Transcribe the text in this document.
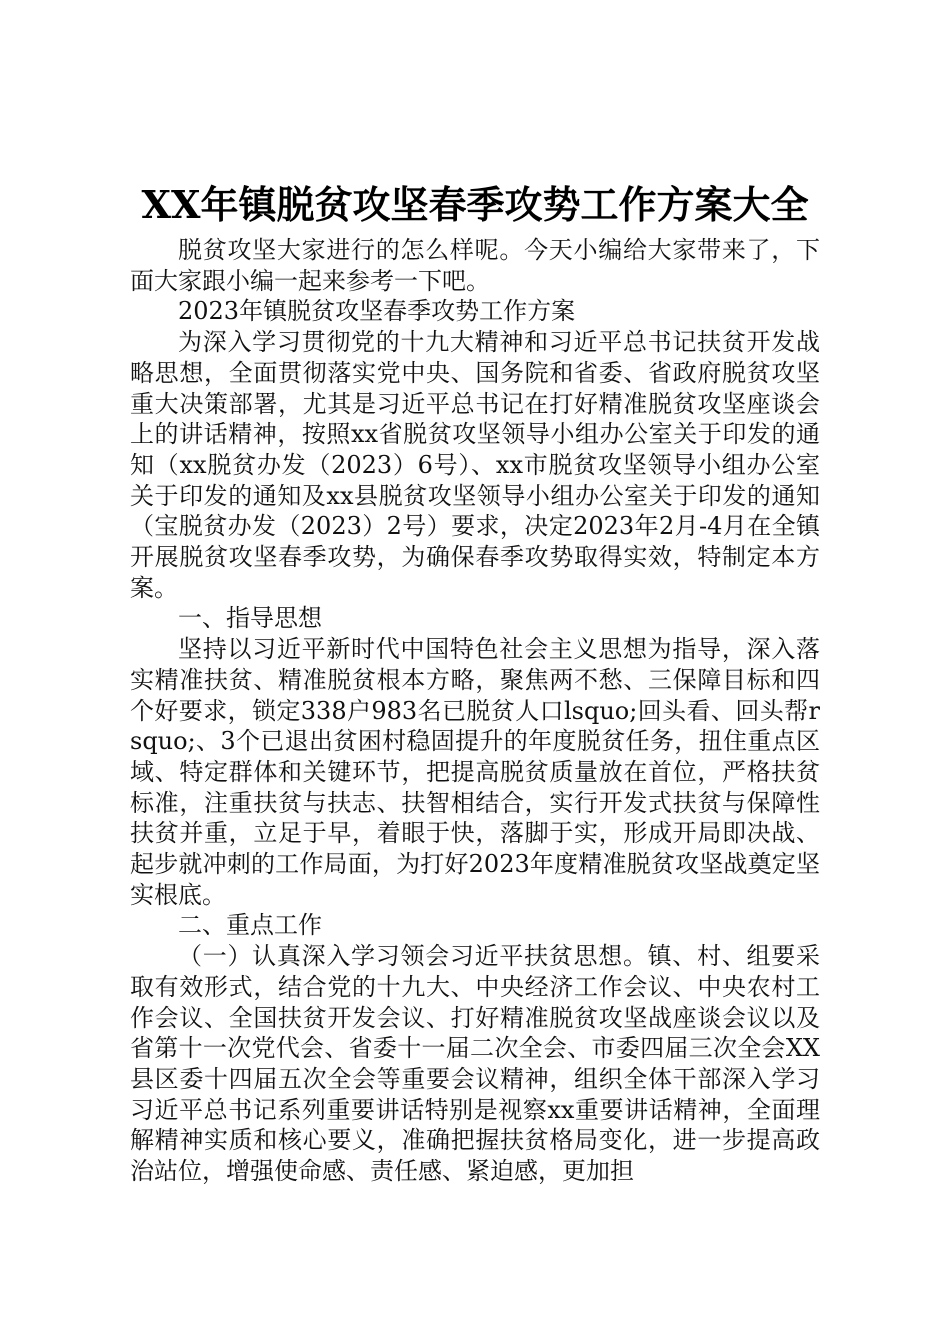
XX年镇脱贫攻坚春季攻势工作方案大全

脱贫攻坚大家进行的怎么样呢。今天小编给大家带来了，下面大家跟小编一起来参考一下吧。

2023年镇脱贫攻坚春季攻势工作方案

为深入学习贯彻党的十九大精神和习近平总书记扶贫开发战略思想，全面贯彻落实党中央、国务院和省委、省政府脱贫攻坚重大决策部署，尤其是习近平总书记在打好精准脱贫攻坚座谈会上的讲话精神，按照xx省脱贫攻坚领导小组办公室关于印发的通知（xx脱贫办发（2023）6号）、xx市脱贫攻坚领导小组办公室关于印发的通知及xx县脱贫攻坚领导小组办公室关于印发的通知（宝脱贫办发（2023）2号）要求，决定2023年2月-4月在全镇开展脱贫攻坚春季攻势，为确保春季攻势取得实效，特制定本方案。

一、指导思想

坚持以习近平新时代中国特色社会主义思想为指导，深入落实精准扶贫、精准脱贫根本方略，聚焦两不愁、三保障目标和四个好要求，锁定338户983名已脱贫人口lsquo;回头看、回头帮rsquo;、3个已退出贫困村稳固提升的年度脱贫任务，扭住重点区域、特定群体和关键环节，把提高脱贫质量放在首位，严格扶贫标准，注重扶贫与扶志、扶智相结合，实行开发式扶贫与保障性扶贫并重，立足于早，着眼于快，落脚于实，形成开局即决战、起步就冲刺的工作局面，为打好2023年度精准脱贫攻坚战奠定坚实根底。

二、重点工作

（一）认真深入学习领会习近平扶贫思想。镇、村、组要采取有效形式，结合党的十九大、中央经济工作会议、中央农村工作会议、全国扶贫开发会议、打好精准脱贫攻坚战座谈会议以及省第十一次党代会、省委十一届二次全会、市委四届三次全会XX县区委十四届五次全会等重要会议精神，组织全体干部深入学习习近平总书记系列重要讲话特别是视察xx重要讲话精神，全面理解精神实质和核心要义，准确把握扶贫格局变化，进一步提高政治站位，增强使命感、责任感、紧迫感，更加担
